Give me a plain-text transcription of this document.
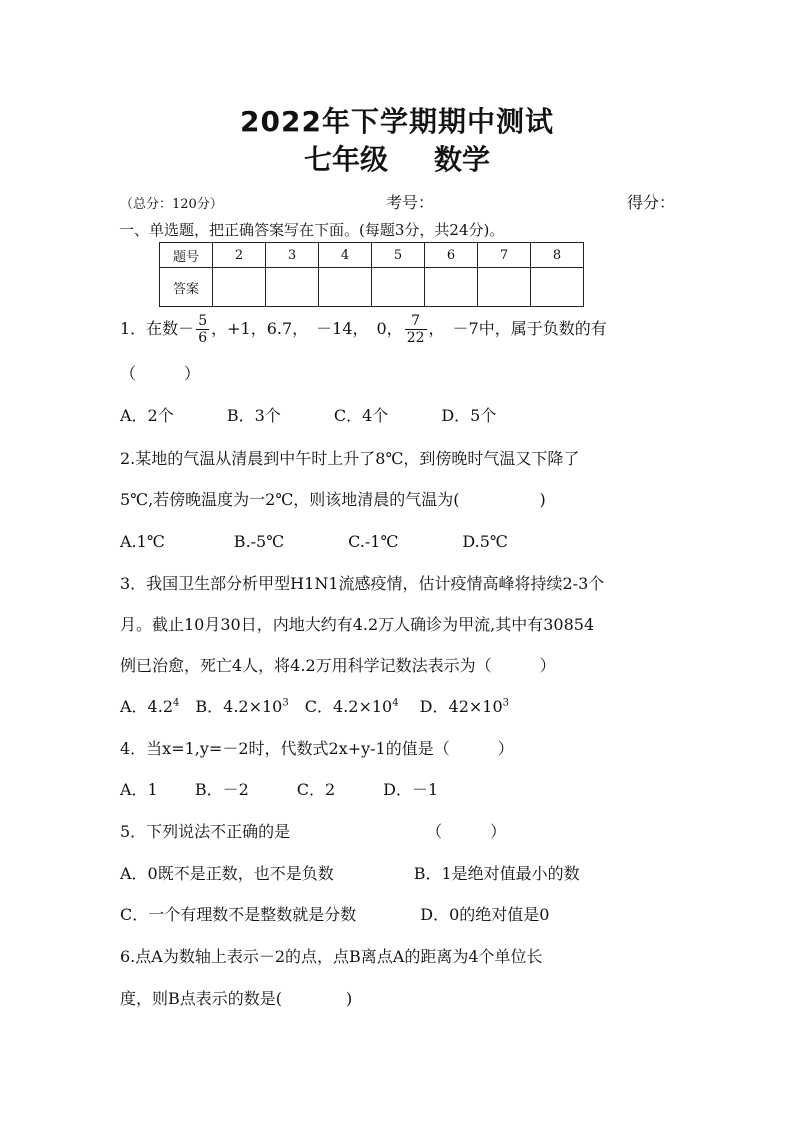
2022年下学期期中测试
七年级 数学
（总分：120分）	考号：	得分：
一、单选题，把正确答案写在下面。(每题3分，共24分)。
题号	2	3	4	5	6	7	8
答案							
1．在数－ $\frac{5}{6}$ ，+1，6.7，　－14，　0， $\frac{7}{22}$ ，　－7中，属于负数的有
（　　　）
A．2个　　　 B．3个　　　 C．4个　　　 D．5个
2.某地的气温从清晨到中午时上升了8℃，到傍晚时气温又下降了
5℃,若傍晚温度为一2℃，则该地清晨的气温为(　　　　　)
A.1℃　　　　 B.-5℃　　　　C.-1℃　　　　D.5℃
3．我国卫生部分析甲型H1N1流感疫情，估计疫情高峰将持续2-3个
月。截止10月30日，内地大约有4.2万人确诊为甲流,其中有30854
例已治愈，死亡4人，将4.2万用科学记数法表示为（　　　）
A．$4.2^4$　B．$4.2\times 10^3$　C．$4.2\times 10^4$　 D．$42\times 10^3$
4．当x=1,y=－2时，代数式2x+y-1的值是（　　　）
A．1　　 B．－2　　　C．2　　　D．－1
5．下列说法不正确的是　　　　　　　　　（　　　）
A．0既不是正数，也不是负数　　　　　B．1是绝对值最小的数
C．一个有理数不是整数就是分数　　　　D．0的绝对值是0
6.点A为数轴上表示－2的点，点B离点A的距离为4个单位长
度，则B点表示的数是(　　　　)
